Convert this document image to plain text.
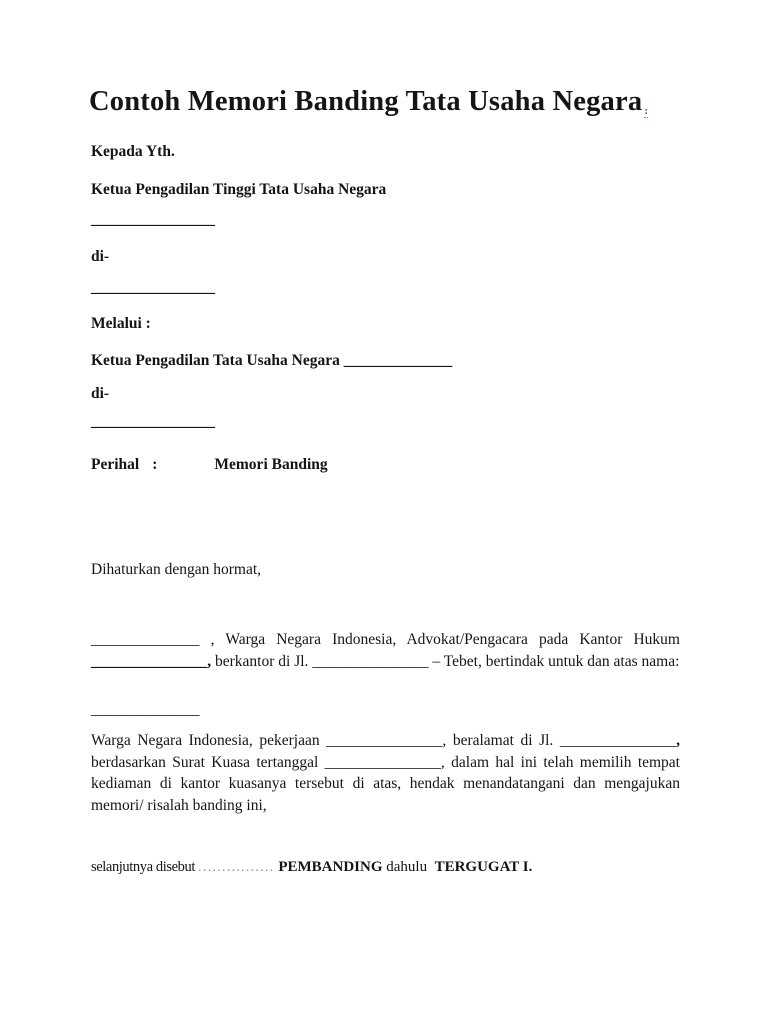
Contoh Memori Banding Tata Usaha Negara :

Kepada Yth.

Ketua Pengadilan Tinggi Tata Usaha Negara

________________

di-

________________

Melalui :

Ketua Pengadilan Tata Usaha Negara ______________

di-

________________

Perihal :	Memori Banding

Dihaturkan dengan hormat,

______________ , Warga Negara Indonesia, Advokat/Pengacara pada Kantor Hukum _______________, berkantor di Jl. _______________ – Tebet, bertindak untuk dan atas nama:

______________

Warga Negara Indonesia, pekerjaan _______________, beralamat di Jl. _______________, berdasarkan Surat Kuasa tertanggal _______________, dalam hal ini telah memilih tempat kediaman di kantor kuasanya tersebut di atas, hendak menandatangani dan mengajukan memori/ risalah banding ini,

selanjutnya disebut ................ PEMBANDING dahulu  TERGUGAT I.
